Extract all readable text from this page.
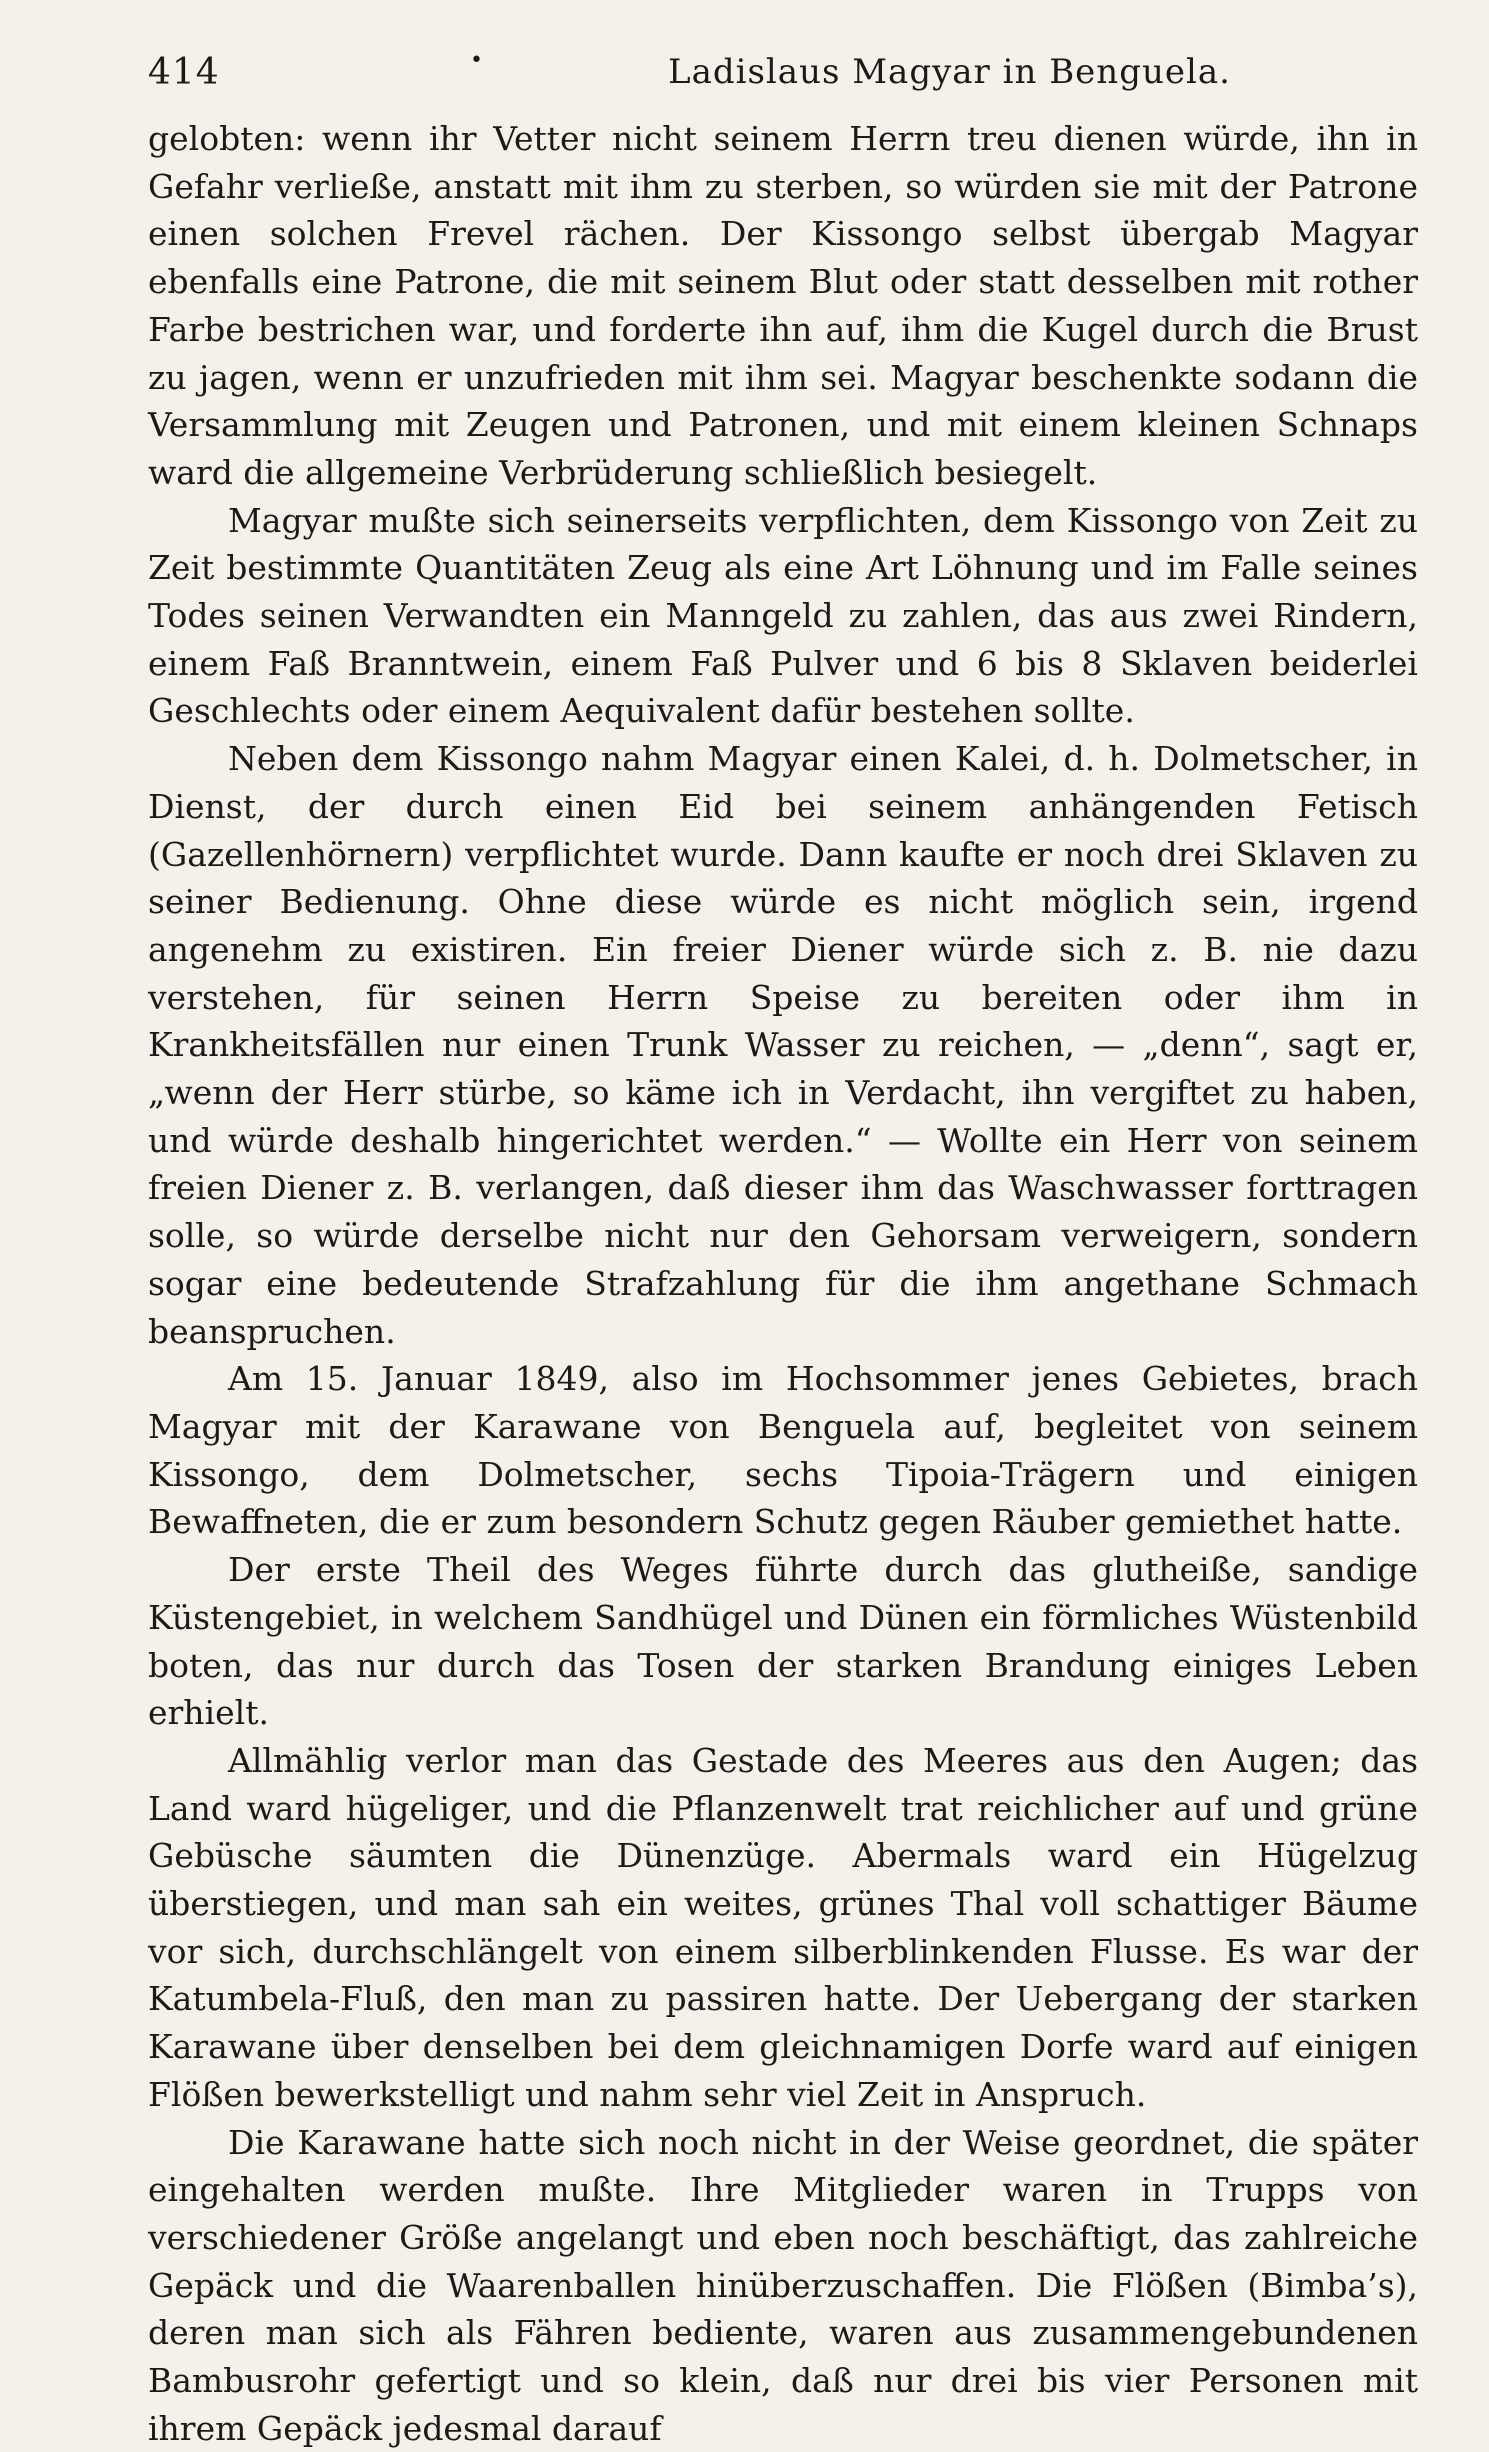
414	•	Ladislaus Magyar in Benguela.

gelobten: wenn ihr Vetter nicht seinem Herrn treu dienen würde, ihn in Gefahr verließe, anstatt mit ihm zu sterben, so würden sie mit der Patrone einen solchen Frevel rächen. Der Kissongo selbst übergab Magyar ebenfalls eine Patrone, die mit seinem Blut oder statt desselben mit rother Farbe bestrichen war, und forderte ihn auf, ihm die Kugel durch die Brust zu jagen, wenn er unzufrieden mit ihm sei. Magyar beschenkte sodann die Versammlung mit Zeugen und Patronen, und mit einem kleinen Schnaps ward die allgemeine Verbrüderung schließlich besiegelt.

Magyar mußte sich seinerseits verpflichten, dem Kissongo von Zeit zu Zeit bestimmte Quantitäten Zeug als eine Art Löhnung und im Falle seines Todes seinen Verwandten ein Manngeld zu zahlen, das aus zwei Rindern, einem Faß Branntwein, einem Faß Pulver und 6 bis 8 Sklaven beiderlei Geschlechts oder einem Aequivalent dafür bestehen sollte.

Neben dem Kissongo nahm Magyar einen Kalei, d. h. Dolmetscher, in Dienst, der durch einen Eid bei seinem anhängenden Fetisch (Gazellenhörnern) verpflichtet wurde. Dann kaufte er noch drei Sklaven zu seiner Bedienung. Ohne diese würde es nicht möglich sein, irgend angenehm zu existiren. Ein freier Diener würde sich z. B. nie dazu verstehen, für seinen Herrn Speise zu bereiten oder ihm in Krankheitsfällen nur einen Trunk Wasser zu reichen, — „denn“, sagt er, „wenn der Herr stürbe, so käme ich in Verdacht, ihn vergiftet zu haben, und würde deshalb hingerichtet werden.“ — Wollte ein Herr von seinem freien Diener z. B. verlangen, daß dieser ihm das Waschwasser forttragen solle, so würde derselbe nicht nur den Gehorsam verweigern, sondern sogar eine bedeutende Strafzahlung für die ihm angethane Schmach beanspruchen.

Am 15. Januar 1849, also im Hochsommer jenes Gebietes, brach Magyar mit der Karawane von Benguela auf, begleitet von seinem Kissongo, dem Dolmetscher, sechs Tipoia-Trägern und einigen Bewaffneten, die er zum besondern Schutz gegen Räuber gemiethet hatte.

Der erste Theil des Weges führte durch das glutheiße, sandige Küstengebiet, in welchem Sandhügel und Dünen ein förmliches Wüstenbild boten, das nur durch das Tosen der starken Brandung einiges Leben erhielt.

Allmählig verlor man das Gestade des Meeres aus den Augen; das Land ward hügeliger, und die Pflanzenwelt trat reichlicher auf und grüne Gebüsche säumten die Dünenzüge. Abermals ward ein Hügelzug überstiegen, und man sah ein weites, grünes Thal voll schattiger Bäume vor sich, durchschlängelt von einem silberblinkenden Flusse. Es war der Katumbela-Fluß, den man zu passiren hatte. Der Uebergang der starken Karawane über denselben bei dem gleichnamigen Dorfe ward auf einigen Flößen bewerkstelligt und nahm sehr viel Zeit in Anspruch.

Die Karawane hatte sich noch nicht in der Weise geordnet, die später eingehalten werden mußte. Ihre Mitglieder waren in Trupps von verschiedener Größe angelangt und eben noch beschäftigt, das zahlreiche Gepäck und die Waarenballen hinüberzuschaffen. Die Flößen (Bimba’s), deren man sich als Fähren bediente, waren aus zusammengebundenen Bambusrohr gefertigt und so klein, daß nur drei bis vier Personen mit ihrem Gepäck jedesmal darauf
